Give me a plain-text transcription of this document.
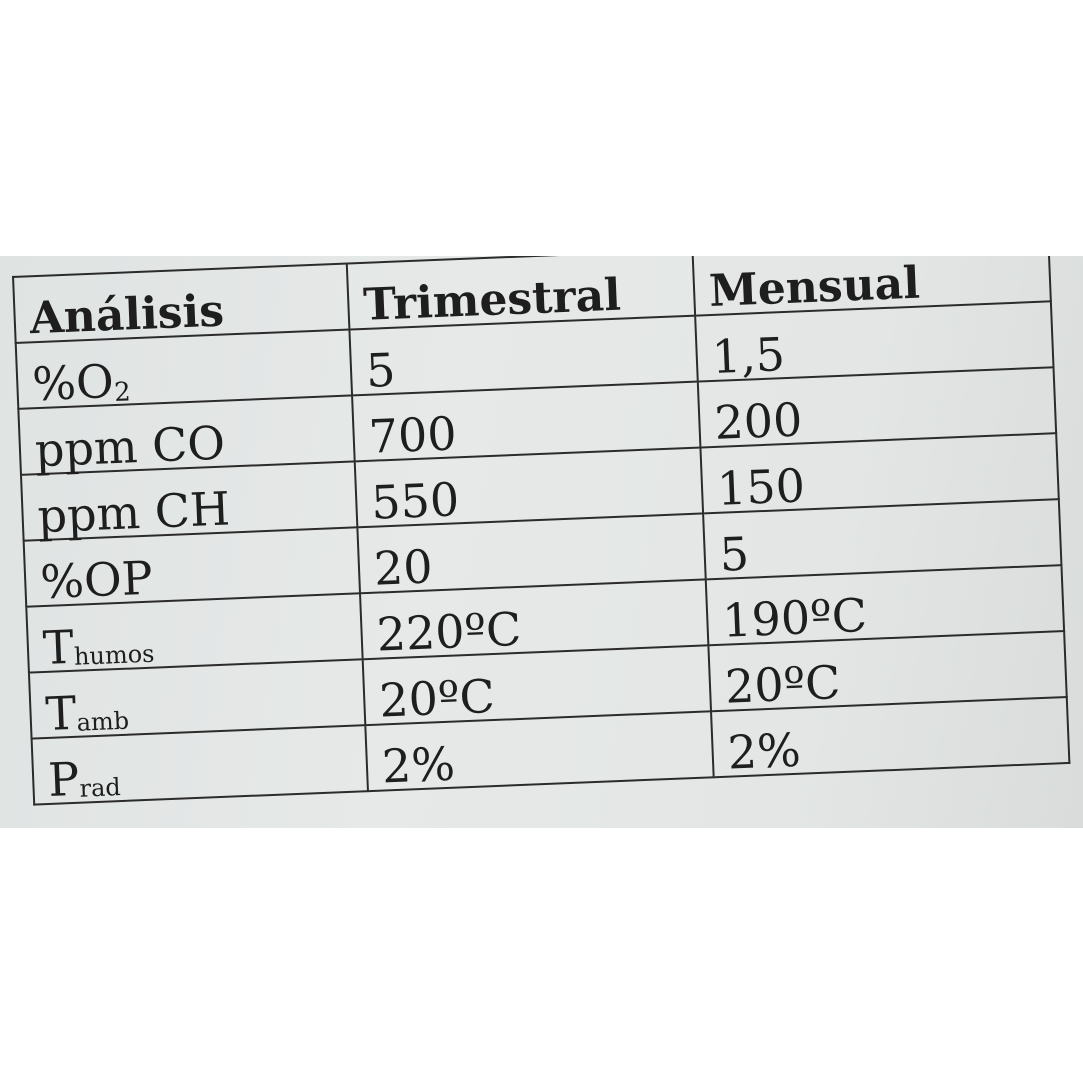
Análisis	Trimestral	Mensual
%O2	5	1,5
ppm CO	700	200
ppm CH	550	150
%OP	20	5
$T_{humos}$	220ºC	190ºC
$T_{amb}$	20ºC	20ºC
$P_{rad}$	2%	2%
